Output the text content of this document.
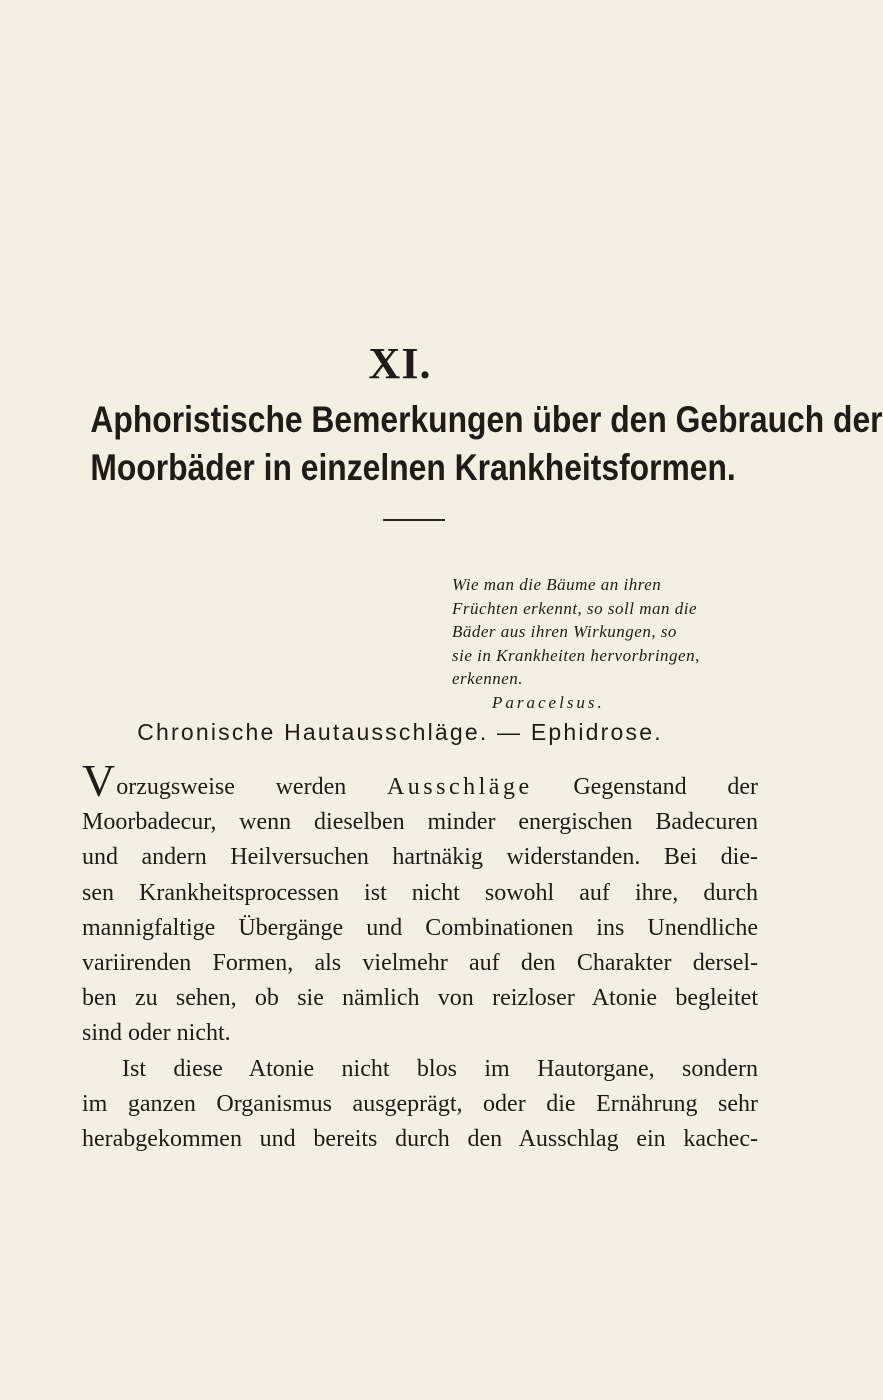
XI.
Aphoristische Bemerkungen über den Gebrauch der
Moorbäder in einzelnen Krankheitsformen.
Wie man die Bäume an ihren
Früchten erkennt, so soll man die
Bäder aus ihren Wirkungen, so
sie in Krankheiten hervorbringen,
erkennen.
Paracelsus.
Chronische Hautausschläge. — Ephidrose.
Vorzugsweise werden Ausschläge Gegenstand der
Moorbadecur, wenn dieselben minder energischen Badecuren
und andern Heilversuchen hartnäkig widerstanden. Bei die-
sen Krankheitsprocessen ist nicht sowohl auf ihre, durch
mannigfaltige Übergänge und Combinationen ins Unendliche
variirenden Formen, als vielmehr auf den Charakter dersel-
ben zu sehen, ob sie nämlich von reizloser Atonie begleitet
sind oder nicht.
Ist diese Atonie nicht blos im Hautorgane, sondern
im ganzen Organismus ausgeprägt, oder die Ernährung sehr
herabgekommen und bereits durch den Ausschlag ein kachec-
